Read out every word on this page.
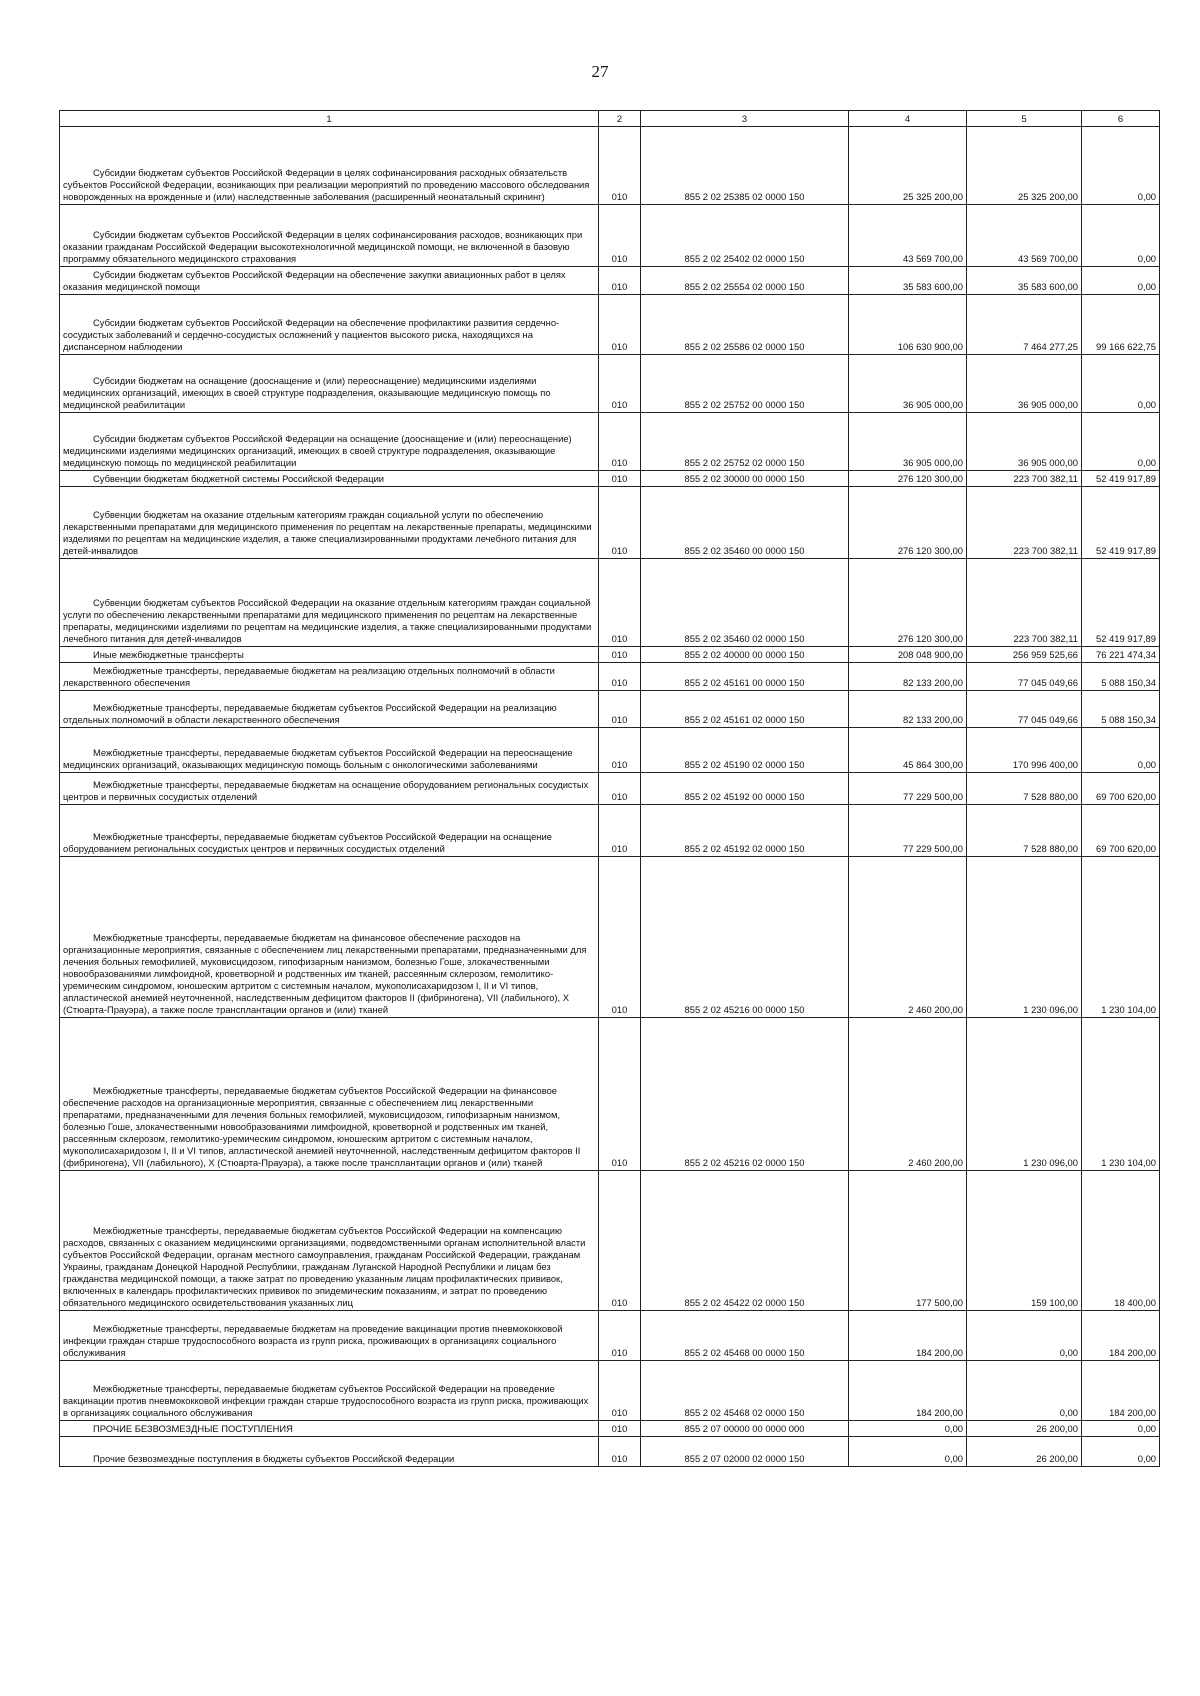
27
1	2	3	4	5	6
Субсидии бюджетам субъектов Российской Федерации в целях софинансирования расходных обязательств субъектов Российской Федерации, возникающих при реализации мероприятий по проведению массового обследования новорожденных на врожденные и (или) наследственные заболевания (расширенный неонатальный скрининг)	010	855 2 02 25385 02 0000 150	25 325 200,00	25 325 200,00	0,00
Субсидии бюджетам субъектов Российской Федерации в целях софинансирования расходов, возникающих при оказании гражданам Российской Федерации высокотехнологичной медицинской помощи, не включенной в базовую программу обязательного медицинского страхования	010	855 2 02 25402 02 0000 150	43 569 700,00	43 569 700,00	0,00
Субсидии бюджетам субъектов Российской Федерации на обеспечение закупки авиационных работ в целях оказания медицинской помощи	010	855 2 02 25554 02 0000 150	35 583 600,00	35 583 600,00	0,00
Субсидии бюджетам субъектов Российской Федерации на обеспечение профилактики развития сердечно-сосудистых заболеваний и сердечно-сосудистых осложнений у пациентов высокого риска, находящихся на диспансерном наблюдении	010	855 2 02 25586 02 0000 150	106 630 900,00	7 464 277,25	99 166 622,75
Субсидии бюджетам на оснащение (дооснащение и (или) переоснащение) медицинскими изделиями медицинских организаций, имеющих в своей структуре подразделения, оказывающие медицинскую помощь по медицинской реабилитации	010	855 2 02 25752 00 0000 150	36 905 000,00	36 905 000,00	0,00
Субсидии бюджетам субъектов Российской Федерации на оснащение (дооснащение и (или) переоснащение) медицинскими изделиями медицинских организаций, имеющих в своей структуре подразделения, оказывающие медицинскую помощь по медицинской реабилитации	010	855 2 02 25752 02 0000 150	36 905 000,00	36 905 000,00	0,00
Субвенции бюджетам бюджетной системы Российской Федерации	010	855 2 02 30000 00 0000 150	276 120 300,00	223 700 382,11	52 419 917,89
Субвенции бюджетам на оказание отдельным категориям граждан социальной услуги по обеспечению лекарственными препаратами для медицинского применения по рецептам на лекарственные препараты, медицинскими изделиями по рецептам на медицинские изделия, а также специализированными продуктами лечебного питания для детей-инвалидов	010	855 2 02 35460 00 0000 150	276 120 300,00	223 700 382,11	52 419 917,89
Субвенции бюджетам субъектов Российской Федерации на оказание отдельным категориям граждан социальной услуги по обеспечению лекарственными препаратами для медицинского применения по рецептам на лекарственные препараты, медицинскими изделиями по рецептам на медицинские изделия, а также специализированными продуктами лечебного питания для детей-инвалидов	010	855 2 02 35460 02 0000 150	276 120 300,00	223 700 382,11	52 419 917,89
Иные межбюджетные трансферты	010	855 2 02 40000 00 0000 150	208 048 900,00	256 959 525,66	76 221 474,34
Межбюджетные трансферты, передаваемые бюджетам на реализацию отдельных полномочий в области лекарственного обеспечения	010	855 2 02 45161 00 0000 150	82 133 200,00	77 045 049,66	5 088 150,34
Межбюджетные трансферты, передаваемые бюджетам субъектов Российской Федерации на реализацию отдельных полномочий в области лекарственного обеспечения	010	855 2 02 45161 02 0000 150	82 133 200,00	77 045 049,66	5 088 150,34
Межбюджетные трансферты, передаваемые бюджетам субъектов Российской Федерации на переоснащение медицинских организаций, оказывающих медицинскую помощь больным с онкологическими заболеваниями	010	855 2 02 45190 02 0000 150	45 864 300,00	170 996 400,00	0,00
Межбюджетные трансферты, передаваемые бюджетам на оснащение оборудованием региональных сосудистых центров и первичных сосудистых отделений	010	855 2 02 45192 00 0000 150	77 229 500,00	7 528 880,00	69 700 620,00
Межбюджетные трансферты, передаваемые бюджетам субъектов Российской Федерации на оснащение оборудованием региональных сосудистых центров и первичных сосудистых отделений	010	855 2 02 45192 02 0000 150	77 229 500,00	7 528 880,00	69 700 620,00
Межбюджетные трансферты, передаваемые бюджетам на финансовое обеспечение расходов на организационные мероприятия, связанные с обеспечением лиц лекарственными препаратами, предназначенными для лечения больных гемофилией, муковисцидозом, гипофизарным нанизмом, болезнью Гоше, злокачественными новообразованиями лимфоидной, кроветворной и родственных им тканей, рассеянным склерозом, гемолитико-уремическим синдромом, юношеским артритом с системным началом, мукополисахаридозом I, II и VI типов, апластической анемией неуточненной, наследственным дефицитом факторов II (фибриногена), VII (лабильного), X (Стюарта-Прауэра), а также после трансплантации органов и (или) тканей	010	855 2 02 45216 00 0000 150	2 460 200,00	1 230 096,00	1 230 104,00
Межбюджетные трансферты, передаваемые бюджетам субъектов Российской Федерации на финансовое обеспечение расходов на организационные мероприятия, связанные с обеспечением лиц лекарственными препаратами, предназначенными для лечения больных гемофилией, муковисцидозом, гипофизарным нанизмом, болезнью Гоше, злокачественными новообразованиями лимфоидной, кроветворной и родственных им тканей, рассеянным склерозом, гемолитико-уремическим синдромом, юношеским артритом с системным началом, мукополисахаридозом I, II и VI типов, апластической анемией неуточненной, наследственным дефицитом факторов II (фибриногена), VII (лабильного), X (Стюарта-Прауэра), а также после трансплантации органов и (или) тканей	010	855 2 02 45216 02 0000 150	2 460 200,00	1 230 096,00	1 230 104,00
Межбюджетные трансферты, передаваемые бюджетам субъектов Российской Федерации на компенсацию расходов, связанных с оказанием медицинскими организациями, подведомственными органам исполнительной власти субъектов Российской Федерации, органам местного самоуправления, гражданам Российской Федерации, гражданам Украины, гражданам Донецкой Народной Республики, гражданам Луганской Народной Республики и лицам без гражданства медицинской помощи, а также затрат по проведению указанным лицам профилактических прививок, включенных в календарь профилактических прививок по эпидемическим показаниям, и затрат по проведению обязательного медицинского освидетельствования указанных лиц	010	855 2 02 45422 02 0000 150	177 500,00	159 100,00	18 400,00
Межбюджетные трансферты, передаваемые бюджетам на проведение вакцинации против пневмококковой инфекции граждан старше трудоспособного возраста из групп риска, проживающих в организациях социального обслуживания	010	855 2 02 45468 00 0000 150	184 200,00	0,00	184 200,00
Межбюджетные трансферты, передаваемые бюджетам субъектов Российской Федерации на проведение вакцинации против пневмококковой инфекции граждан старше трудоспособного возраста из групп риска, проживающих в организациях социального обслуживания	010	855 2 02 45468 02 0000 150	184 200,00	0,00	184 200,00
ПРОЧИЕ БЕЗВОЗМЕЗДНЫЕ ПОСТУПЛЕНИЯ	010	855 2 07 00000 00 0000 000	0,00	26 200,00	0,00
Прочие безвозмездные поступления в бюджеты субъектов Российской Федерации	010	855 2 07 02000 02 0000 150	0,00	26 200,00	0,00
